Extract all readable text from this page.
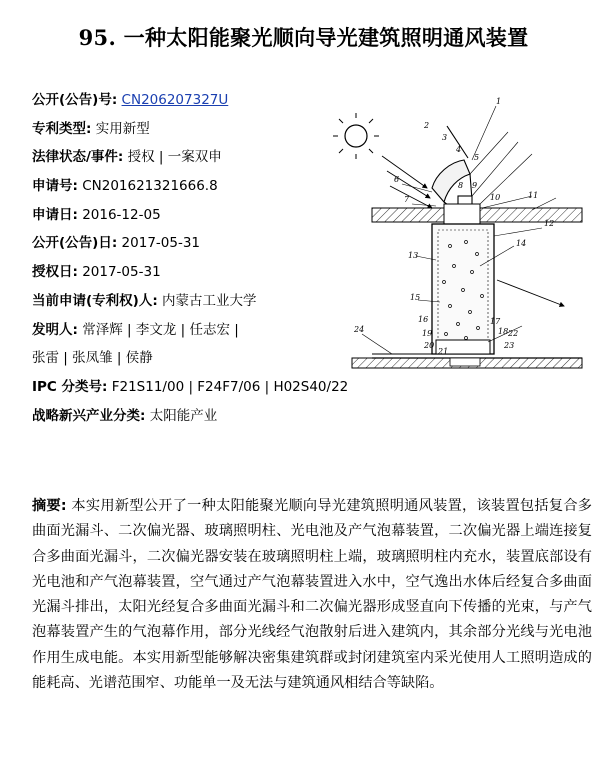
95. 一种太阳能聚光顺向导光建筑照明通风装置
公开(公告)号: CN206207327U
专利类型: 实用新型
法律状态/事件: 授权 | 一案双申
申请号: CN201621321666.8
申请日: 2016-12-05
公开(公告)日: 2017-05-31
授权日: 2017-05-31
当前申请(专利权)人: 内蒙古工业大学
发明人: 常泽辉 | 李文龙 | 任志宏 |
张雷 | 张凤雏 | 侯静
IPC 分类号: F21S11/00 | F24F7/06 | H02S40/22
战略新兴产业分类: 太阳能产业
1
2
3
4
5
6
7
8 9
10	11
12
13
14
15
16	17
18
19
20
21
22
23
24
摘要: 本实用新型公开了一种太阳能聚光顺向导光建筑照明通风装置，该装置包括复合多曲面光漏斗、二次偏光器、玻璃照明柱、光电池及产气泡幕装置，二次偏光器上端连接复合多曲面光漏斗，二次偏光器安装在玻璃照明柱上端，玻璃照明柱内充水，装置底部设有光电池和产气泡幕装置，空气通过产气泡幕装置进入水中，空气逸出水体后经复合多曲面光漏斗排出，太阳光经复合多曲面光漏斗和二次偏光器形成竖直向下传播的光束，与产气泡幕装置产生的气泡幕作用，部分光线经气泡散射后进入建筑内，其余部分光线与光电池作用生成电能。本实用新型能够解决密集建筑群或封闭建筑室内采光使用人工照明造成的能耗高、光谱范围窄、功能单一及无法与建筑通风相结合等缺陷。
